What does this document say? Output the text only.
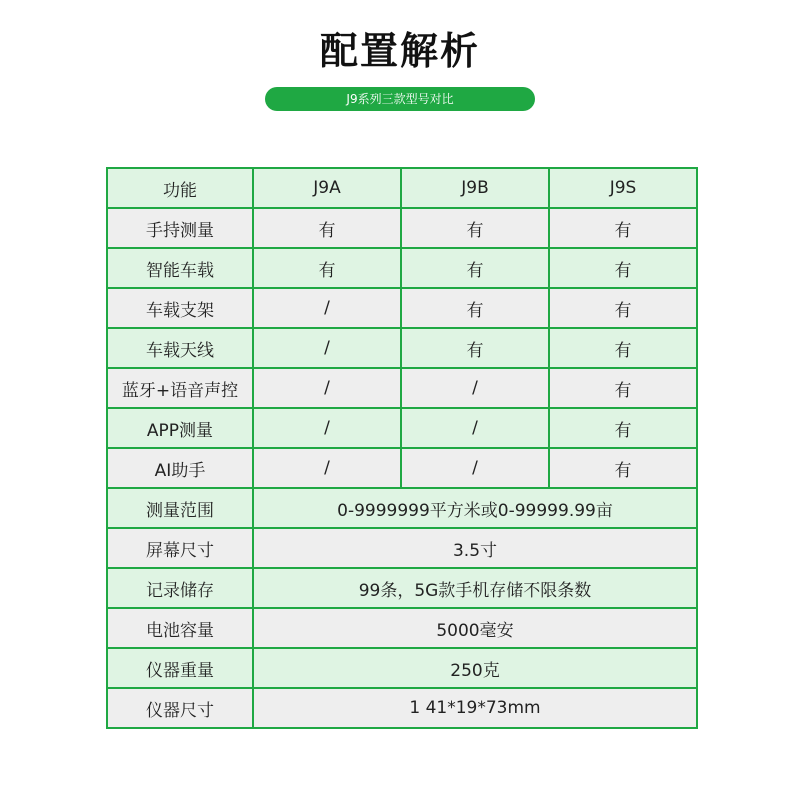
配置解析
J9系列三款型号对比
功能	J9A	J9B	J9S
手持测量	有	有	有
智能车载	有	有	有
车载支架	/	有	有
车载天线	/	有	有
蓝牙+语音声控	/	/	有
APP测量	/	/	有
AI助手	/	/	有
测量范围	0-9999999平方米或0-99999.99亩		
屏幕尺寸	3.5寸		
记录储存	99条，5G款手机存储不限条数		
电池容量	5000毫安		
仪器重量	250克		
仪器尺寸	1 41*19*73mm		
